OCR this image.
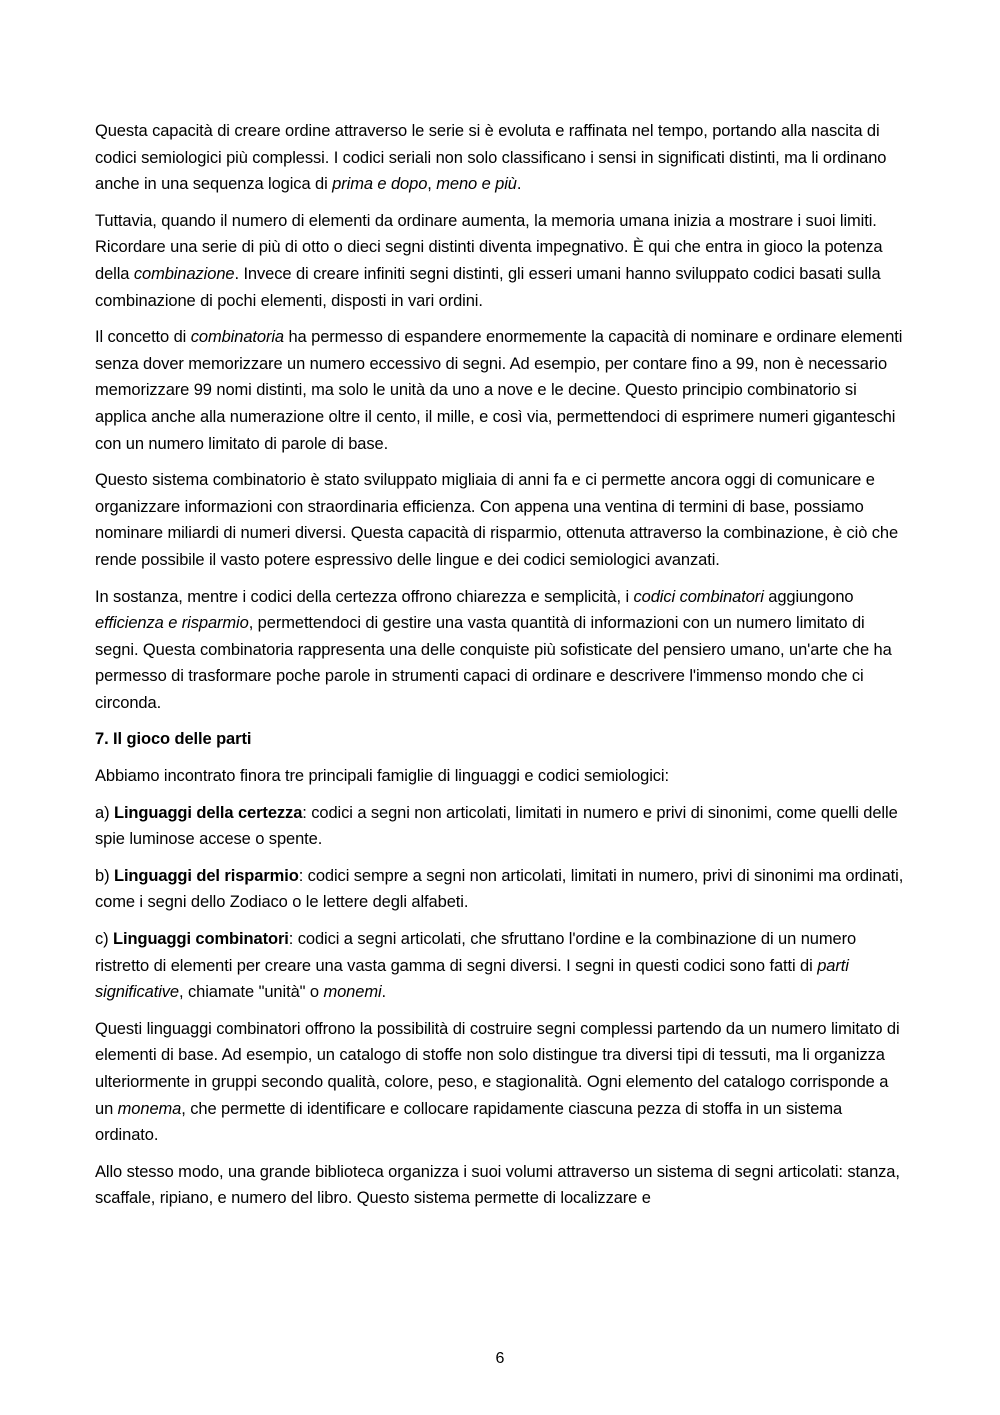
Questa capacità di creare ordine attraverso le serie si è evoluta e raffinata nel tempo, portando alla nascita di codici semiologici più complessi. I codici seriali non solo classificano i sensi in significati distinti, ma li ordinano anche in una sequenza logica di prima e dopo, meno e più.

Tuttavia, quando il numero di elementi da ordinare aumenta, la memoria umana inizia a mostrare i suoi limiti. Ricordare una serie di più di otto o dieci segni distinti diventa impegnativo. È qui che entra in gioco la potenza della combinazione. Invece di creare infiniti segni distinti, gli esseri umani hanno sviluppato codici basati sulla combinazione di pochi elementi, disposti in vari ordini.

Il concetto di combinatoria ha permesso di espandere enormemente la capacità di nominare e ordinare elementi senza dover memorizzare un numero eccessivo di segni. Ad esempio, per contare fino a 99, non è necessario memorizzare 99 nomi distinti, ma solo le unità da uno a nove e le decine. Questo principio combinatorio si applica anche alla numerazione oltre il cento, il mille, e così via, permettendoci di esprimere numeri giganteschi con un numero limitato di parole di base.

Questo sistema combinatorio è stato sviluppato migliaia di anni fa e ci permette ancora oggi di comunicare e organizzare informazioni con straordinaria efficienza. Con appena una ventina di termini di base, possiamo nominare miliardi di numeri diversi. Questa capacità di risparmio, ottenuta attraverso la combinazione, è ciò che rende possibile il vasto potere espressivo delle lingue e dei codici semiologici avanzati.

In sostanza, mentre i codici della certezza offrono chiarezza e semplicità, i codici combinatori aggiungono efficienza e risparmio, permettendoci di gestire una vasta quantità di informazioni con un numero limitato di segni. Questa combinatoria rappresenta una delle conquiste più sofisticate del pensiero umano, un'arte che ha permesso di trasformare poche parole in strumenti capaci di ordinare e descrivere l'immenso mondo che ci circonda.

7. Il gioco delle parti

Abbiamo incontrato finora tre principali famiglie di linguaggi e codici semiologici:

a) Linguaggi della certezza: codici a segni non articolati, limitati in numero e privi di sinonimi, come quelli delle spie luminose accese o spente.

b) Linguaggi del risparmio: codici sempre a segni non articolati, limitati in numero, privi di sinonimi ma ordinati, come i segni dello Zodiaco o le lettere degli alfabeti.

c) Linguaggi combinatori: codici a segni articolati, che sfruttano l'ordine e la combinazione di un numero ristretto di elementi per creare una vasta gamma di segni diversi. I segni in questi codici sono fatti di parti significative, chiamate "unità" o monemi.

Questi linguaggi combinatori offrono la possibilità di costruire segni complessi partendo da un numero limitato di elementi di base. Ad esempio, un catalogo di stoffe non solo distingue tra diversi tipi di tessuti, ma li organizza ulteriormente in gruppi secondo qualità, colore, peso, e stagionalità. Ogni elemento del catalogo corrisponde a un monema, che permette di identificare e collocare rapidamente ciascuna pezza di stoffa in un sistema ordinato.

Allo stesso modo, una grande biblioteca organizza i suoi volumi attraverso un sistema di segni articolati: stanza, scaffale, ripiano, e numero del libro. Questo sistema permette di localizzare e

6
